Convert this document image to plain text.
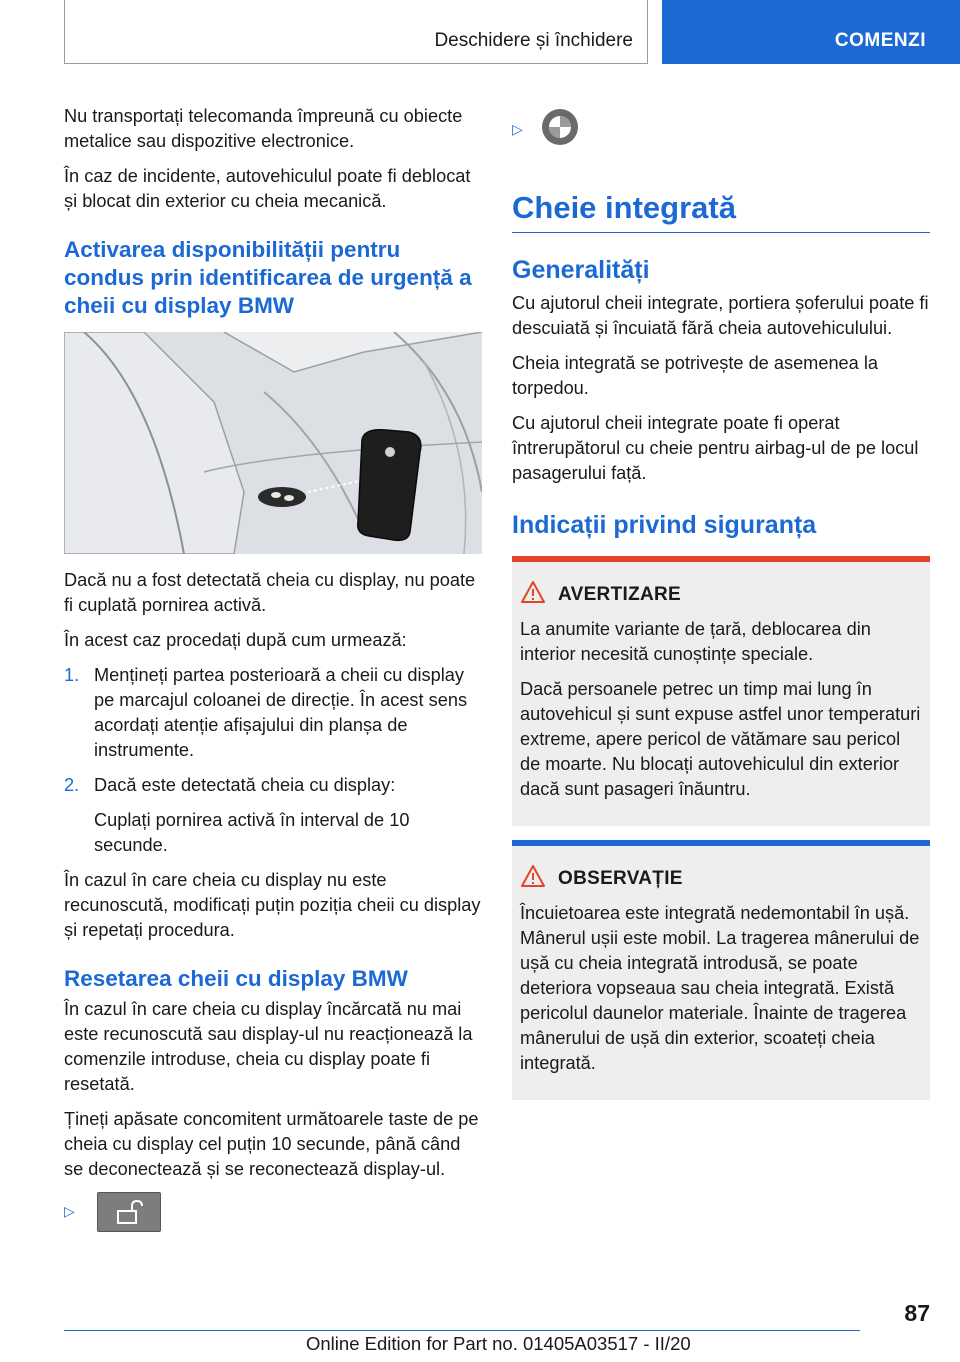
Deschidere și închidere	COMENZI

Nu transportați telecomanda împreună cu obiecte metalice sau dispozitive electronice.

În caz de incidente, autovehiculul poate fi deblocat și blocat din exterior cu cheia mecanică.

Activarea disponibilității pentru condus prin identificarea de urgență a cheii cu display BMW

Dacă nu a fost detectată cheia cu display, nu poate fi cuplată pornirea activă.

În acest caz procedați după cum urmează:

1. Mențineți partea posterioară a cheii cu display pe marcajul coloanei de direcție. În acest sens acordați atenție afișajului din planșa de instrumente.

2. Dacă este detectată cheia cu display:

Cuplați pornirea activă în interval de 10 secunde.

În cazul în care cheia cu display nu este recunoscută, modificați puțin poziția cheii cu display și repetați procedura.

Resetarea cheii cu display BMW

În cazul în care cheia cu display încărcată nu mai este recunoscută sau display-ul nu reacționează la comenzile introduse, cheia cu display poate fi resetată.

Țineți apăsate concomitent următoarele taste de pe cheia cu display cel puțin 10 secunde, până când se deconectează și se reconectează display-ul.

▷
▷
Cheie integrată
Generalități

Cu ajutorul cheii integrate, portiera șoferului poate fi descuiată și încuiată fără cheia autovehiculului.

Cheia integrată se potrivește de asemenea la torpedou.

Cu ajutorul cheii integrate poate fi operat întrerupătorul cu cheie pentru airbag-ul de pe locul pasagerului față.

Indicații privind siguranța
AVERTIZARE

La anumite variante de țară, deblocarea din interior necesită cunoștințe speciale.

Dacă persoanele petrec un timp mai lung în autovehicul și sunt expuse astfel unor temperaturi extreme, apere pericol de vătămare sau pericol de moarte. Nu blocați autovehiculul din exterior dacă sunt pasageri înăuntru.

OBSERVAȚIE

Încuietoarea este integrată nedemontabil în ușă. Mânerul ușii este mobil. La tragerea mânerului de ușă cu cheia integrată introdusă, se poate deteriora vopseaua sau cheia integrată. Există pericolul daunelor materiale. Înainte de tragerea mânerului de ușă din exterior, scoateți cheia integrată.

87
Online Edition for Part no. 01405A03517 - II/20
